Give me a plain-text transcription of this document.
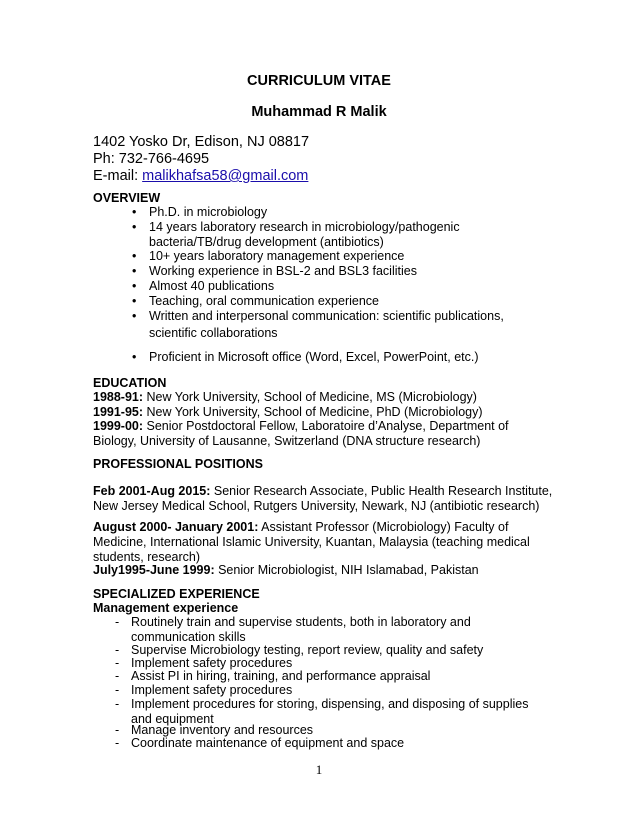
CURRICULUM VITAE
Muhammad R Malik
1402 Yosko Dr, Edison, NJ 08817
Ph: 732-766-4695
E-mail: malikhafsa58@gmail.com
OVERVIEW
• Ph.D. in microbiology
• 14 years laboratory research in microbiology/pathogenic bacteria/TB/drug development (antibiotics)
• 10+ years laboratory management experience
• Working experience in BSL-2 and BSL3 facilities
• Almost 40 publications
• Teaching, oral communication experience
• Written and interpersonal communication: scientific publications, scientific collaborations
• Proficient in Microsoft office (Word, Excel, PowerPoint, etc.)
EDUCATION
1988-91: New York University, School of Medicine, MS (Microbiology)
1991-95: New York University, School of Medicine, PhD (Microbiology)
1999-00: Senior Postdoctoral Fellow, Laboratoire d’Analyse, Department of Biology, University of Lausanne, Switzerland (DNA structure research)
PROFESSIONAL POSITIONS
Feb 2001-Aug 2015: Senior Research Associate, Public Health Research Institute, New Jersey Medical School, Rutgers University, Newark, NJ (antibiotic research)
August 2000- January 2001: Assistant Professor (Microbiology) Faculty of Medicine, International Islamic University, Kuantan, Malaysia (teaching medical students, research)
July1995-June 1999: Senior Microbiologist, NIH Islamabad, Pakistan
SPECIALIZED EXPERIENCE
Management experience
- Routinely train and supervise students, both in laboratory and communication skills
- Supervise Microbiology testing, report review, quality and safety
- Implement safety procedures
- Assist PI in hiring, training, and performance appraisal
- Implement safety procedures
- Implement procedures for storing, dispensing, and disposing of supplies and equipment
- Manage inventory and resources
- Coordinate maintenance of equipment and space
1
